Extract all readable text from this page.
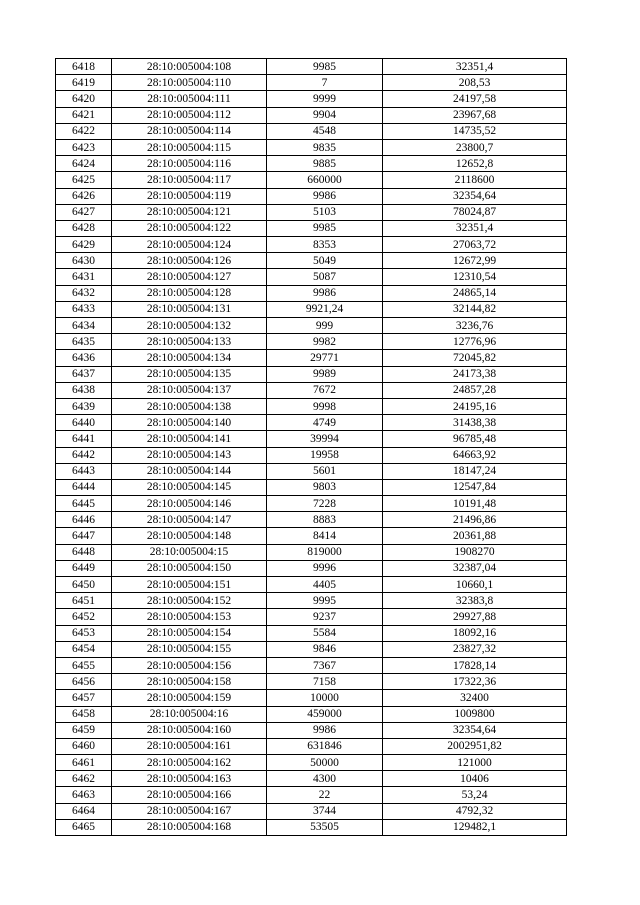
6418	28:10:005004:108	9985	32351,4
6419	28:10:005004:110	7	208,53
6420	28:10:005004:111	9999	24197,58
6421	28:10:005004:112	9904	23967,68
6422	28:10:005004:114	4548	14735,52
6423	28:10:005004:115	9835	23800,7
6424	28:10:005004:116	9885	12652,8
6425	28:10:005004:117	660000	2118600
6426	28:10:005004:119	9986	32354,64
6427	28:10:005004:121	5103	78024,87
6428	28:10:005004:122	9985	32351,4
6429	28:10:005004:124	8353	27063,72
6430	28:10:005004:126	5049	12672,99
6431	28:10:005004:127	5087	12310,54
6432	28:10:005004:128	9986	24865,14
6433	28:10:005004:131	9921,24	32144,82
6434	28:10:005004:132	999	3236,76
6435	28:10:005004:133	9982	12776,96
6436	28:10:005004:134	29771	72045,82
6437	28:10:005004:135	9989	24173,38
6438	28:10:005004:137	7672	24857,28
6439	28:10:005004:138	9998	24195,16
6440	28:10:005004:140	4749	31438,38
6441	28:10:005004:141	39994	96785,48
6442	28:10:005004:143	19958	64663,92
6443	28:10:005004:144	5601	18147,24
6444	28:10:005004:145	9803	12547,84
6445	28:10:005004:146	7228	10191,48
6446	28:10:005004:147	8883	21496,86
6447	28:10:005004:148	8414	20361,88
6448	28:10:005004:15	819000	1908270
6449	28:10:005004:150	9996	32387,04
6450	28:10:005004:151	4405	10660,1
6451	28:10:005004:152	9995	32383,8
6452	28:10:005004:153	9237	29927,88
6453	28:10:005004:154	5584	18092,16
6454	28:10:005004:155	9846	23827,32
6455	28:10:005004:156	7367	17828,14
6456	28:10:005004:158	7158	17322,36
6457	28:10:005004:159	10000	32400
6458	28:10:005004:16	459000	1009800
6459	28:10:005004:160	9986	32354,64
6460	28:10:005004:161	631846	2002951,82
6461	28:10:005004:162	50000	121000
6462	28:10:005004:163	4300	10406
6463	28:10:005004:166	22	53,24
6464	28:10:005004:167	3744	4792,32
6465	28:10:005004:168	53505	129482,1
